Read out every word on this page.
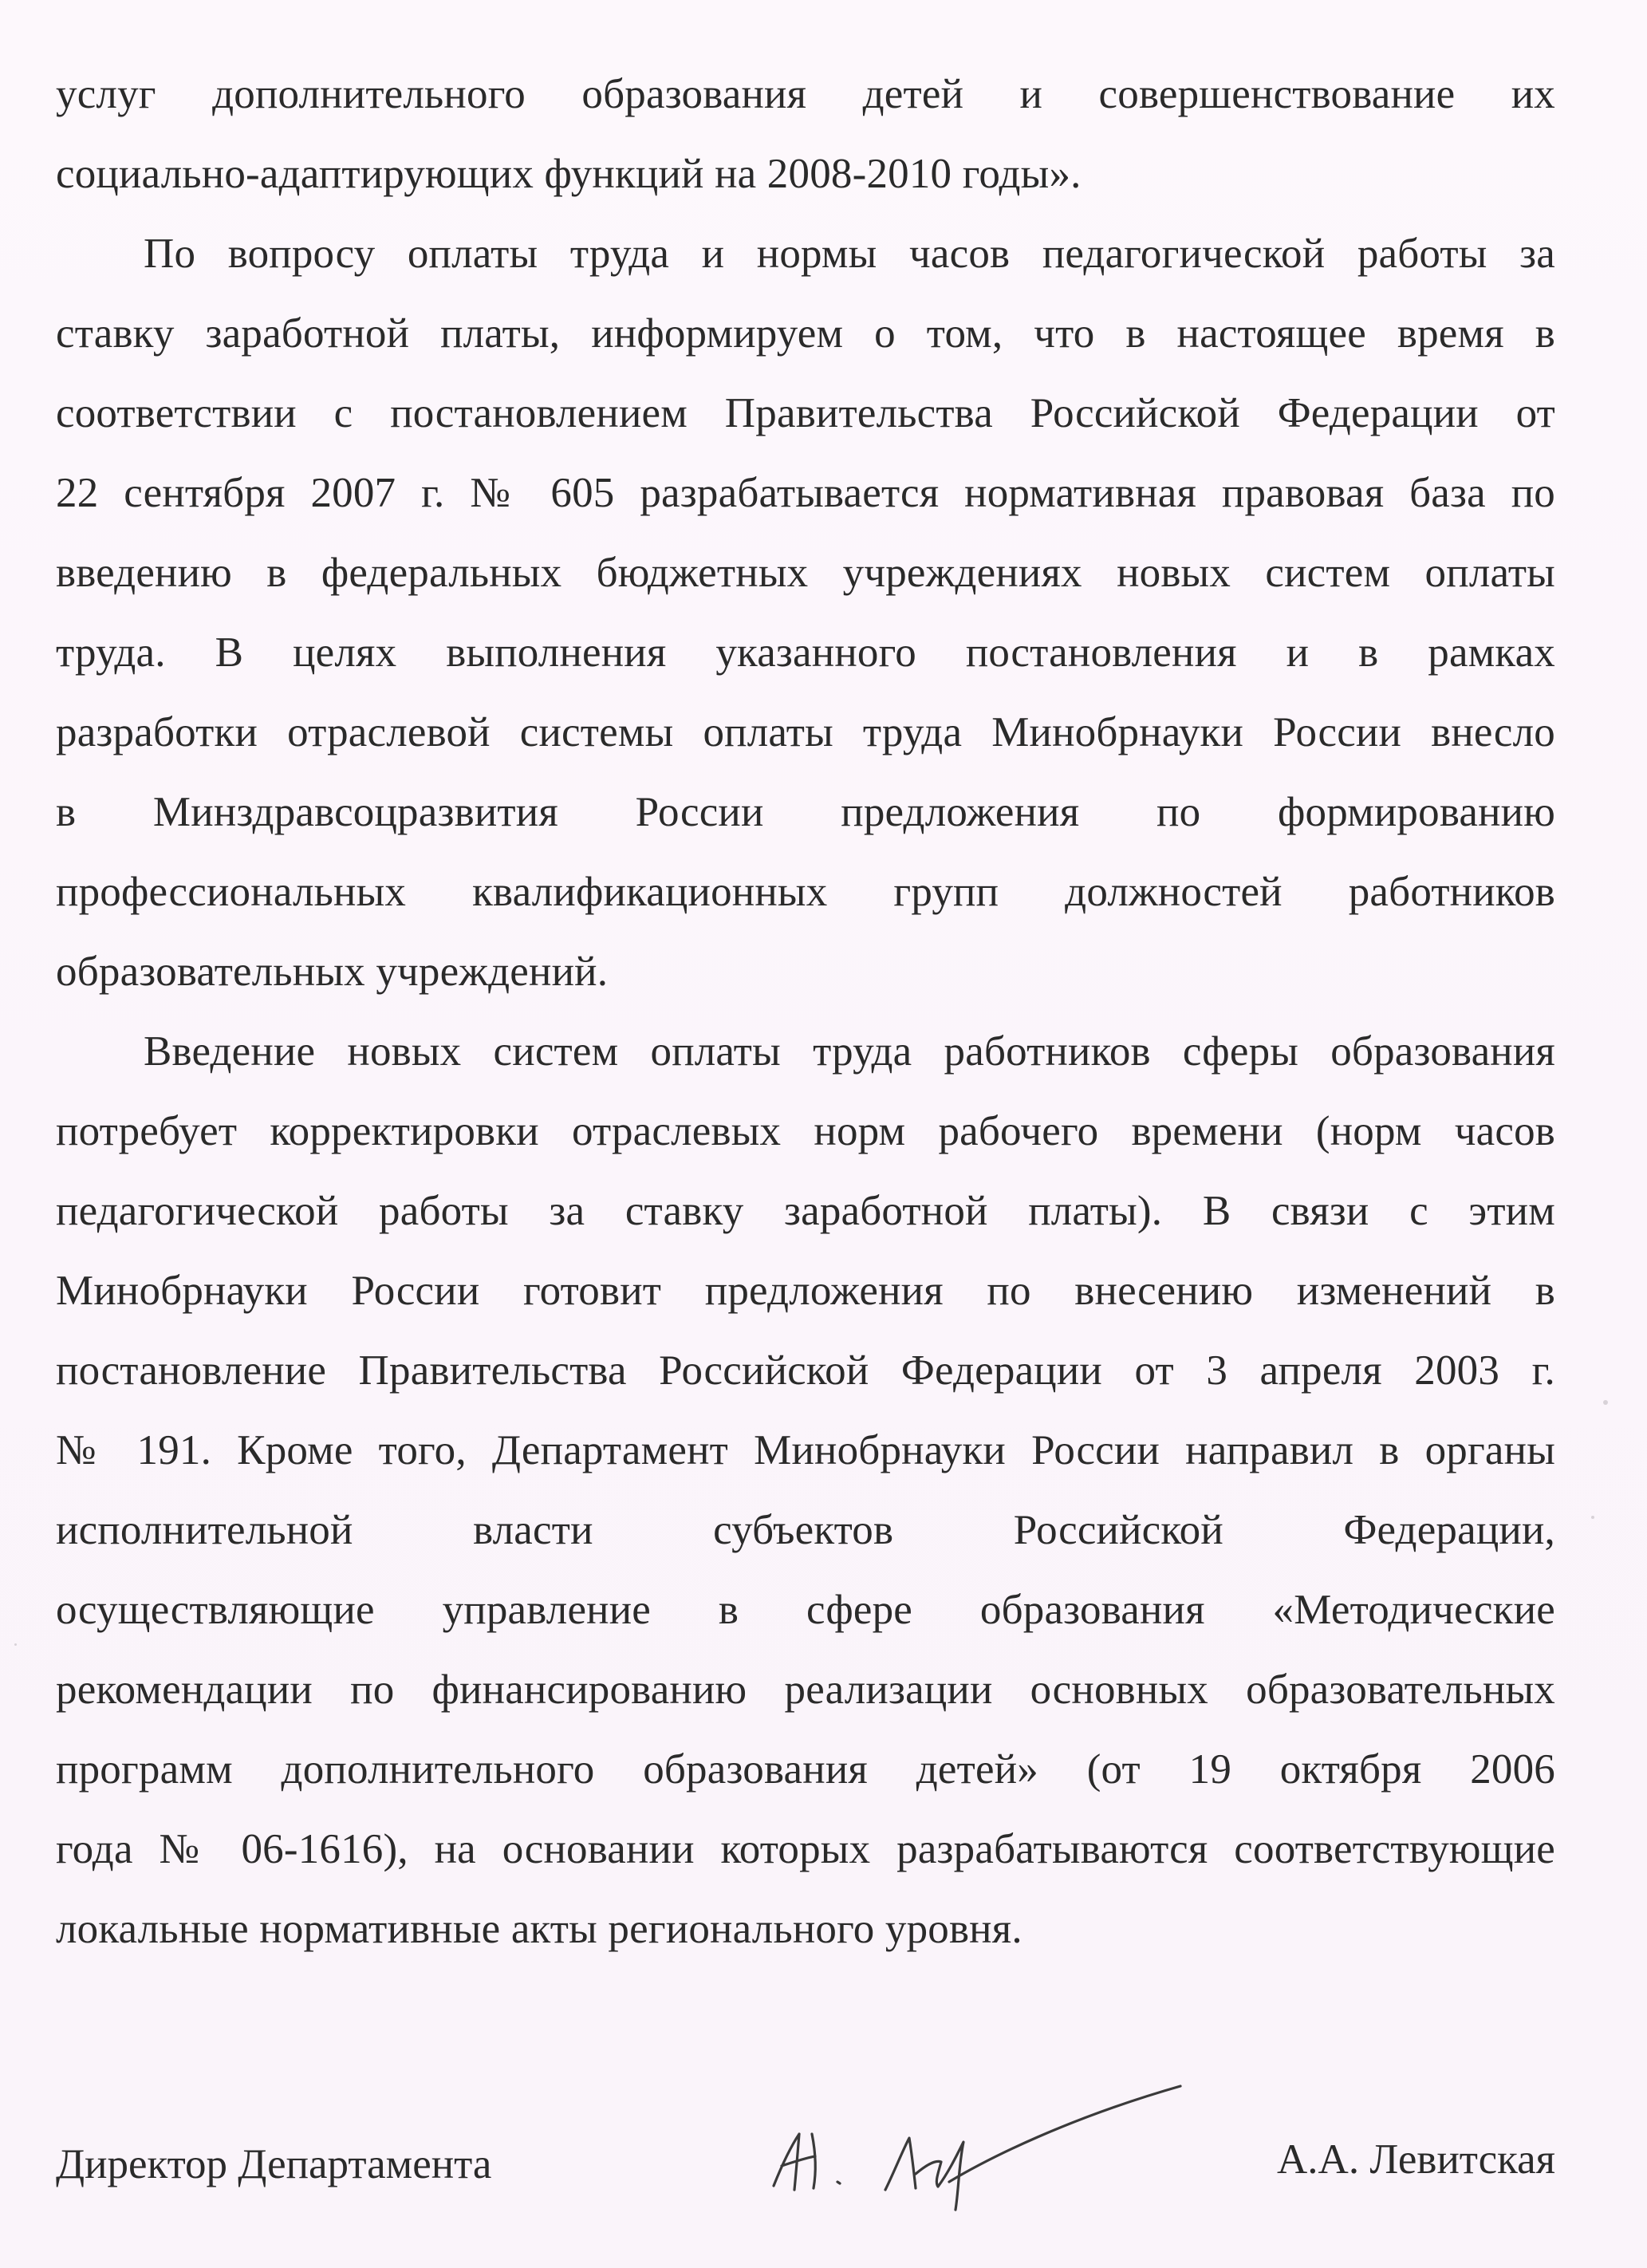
услуг дополнительного образования детей и совершенствование их
социально-адаптирующих функций на 2008-2010 годы».
По вопросу оплаты труда и нормы часов педагогической работы за
ставку заработной платы, информируем о том, что в настоящее время в
соответствии с постановлением Правительства Российской Федерации от
22 сентября 2007 г. № 605 разрабатывается нормативная правовая база по
введению в федеральных бюджетных учреждениях новых систем оплаты
труда. В целях выполнения указанного постановления и в рамках
разработки отраслевой системы оплаты труда Минобрнауки России внесло
в Минздравсоцразвития России предложения по формированию
профессиональных квалификационных групп должностей работников
образовательных учреждений.
Введение новых систем оплаты труда работников сферы образования
потребует корректировки отраслевых норм рабочего времени (норм часов
педагогической работы за ставку заработной платы). В связи с этим
Минобрнауки России готовит предложения по внесению изменений в
постановление Правительства Российской Федерации от 3 апреля 2003 г.
№ 191. Кроме того, Департамент Минобрнауки России направил в органы
исполнительной власти субъектов Российской Федерации,
осуществляющие управление в сфере образования «Методические
рекомендации по финансированию реализации основных образовательных
программ дополнительного образования детей» (от 19 октября 2006
года № 06-1616), на основании которых разрабатываются соответствующие
локальные нормативные акты регионального уровня.
Директор Департамента	А.А. Левитская
